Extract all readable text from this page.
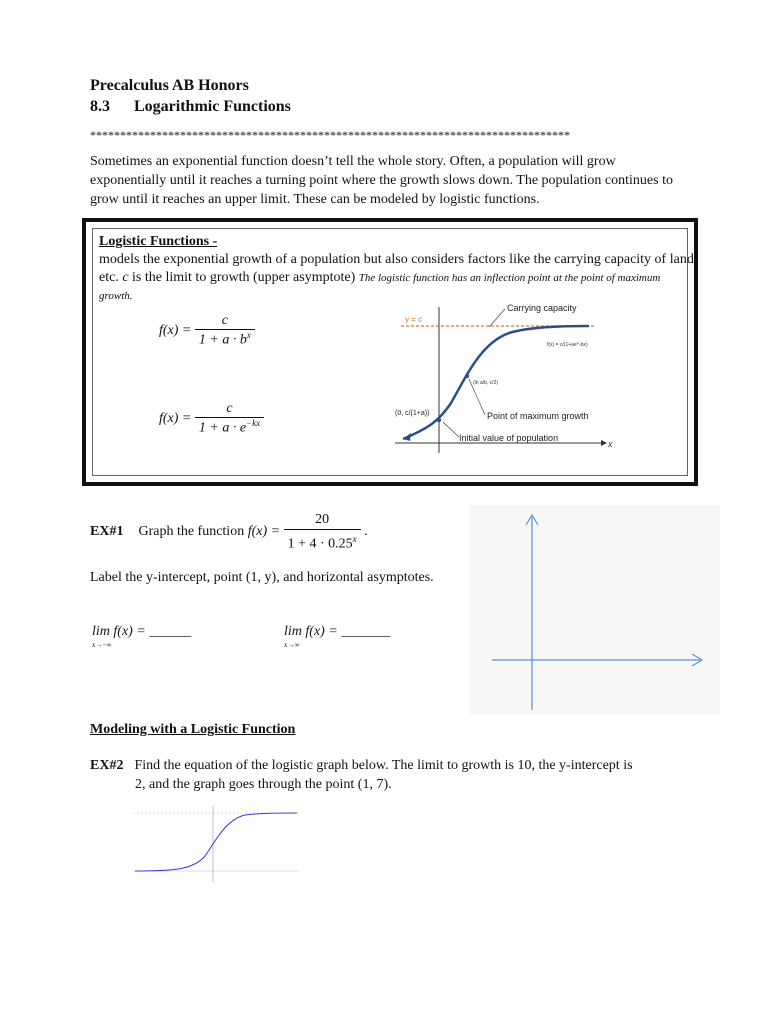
Precalculus AB Honors
8.3 Logarithmic Functions
********************************************************************************
Sometimes an exponential function doesn’t tell the whole story. Often, a population will grow exponentially until it reaches a turning point where the growth slows down. The population continues to grow until it reaches an upper limit. These can be modeled by logistic functions.
Logistic Functions -
models the exponential growth of a population but also considers factors like the carrying capacity of land etc. c is the limit to growth (upper asymptote) The logistic function has an inflection point at the point of maximum growth.
$f(x) = \frac{c}{1 + a \cdot b^x}$
$f(x) = \frac{c}{1 + a \cdot e^{-kx}}$
x
y = c
Carrying capacity
f(x) = c/(1+ae^-bx)
(ln a/b, c/2)
Point of maximum growth
(0, c/(1+a))
Initial value of population
EX#1 Graph the function $f(x) = \frac{20}{1 + 4 \cdot 0.25^x}$ .
Label the y-intercept, point (1, y), and horizontal asymptotes.
lim f(x) = ______
x→−∞
lim f(x) = _______
x→∞
Modeling with a Logistic Function
EX#2 Find the equation of the logistic graph below. The limit to growth is 10, the y-intercept is
2, and the graph goes through the point (1, 7).
